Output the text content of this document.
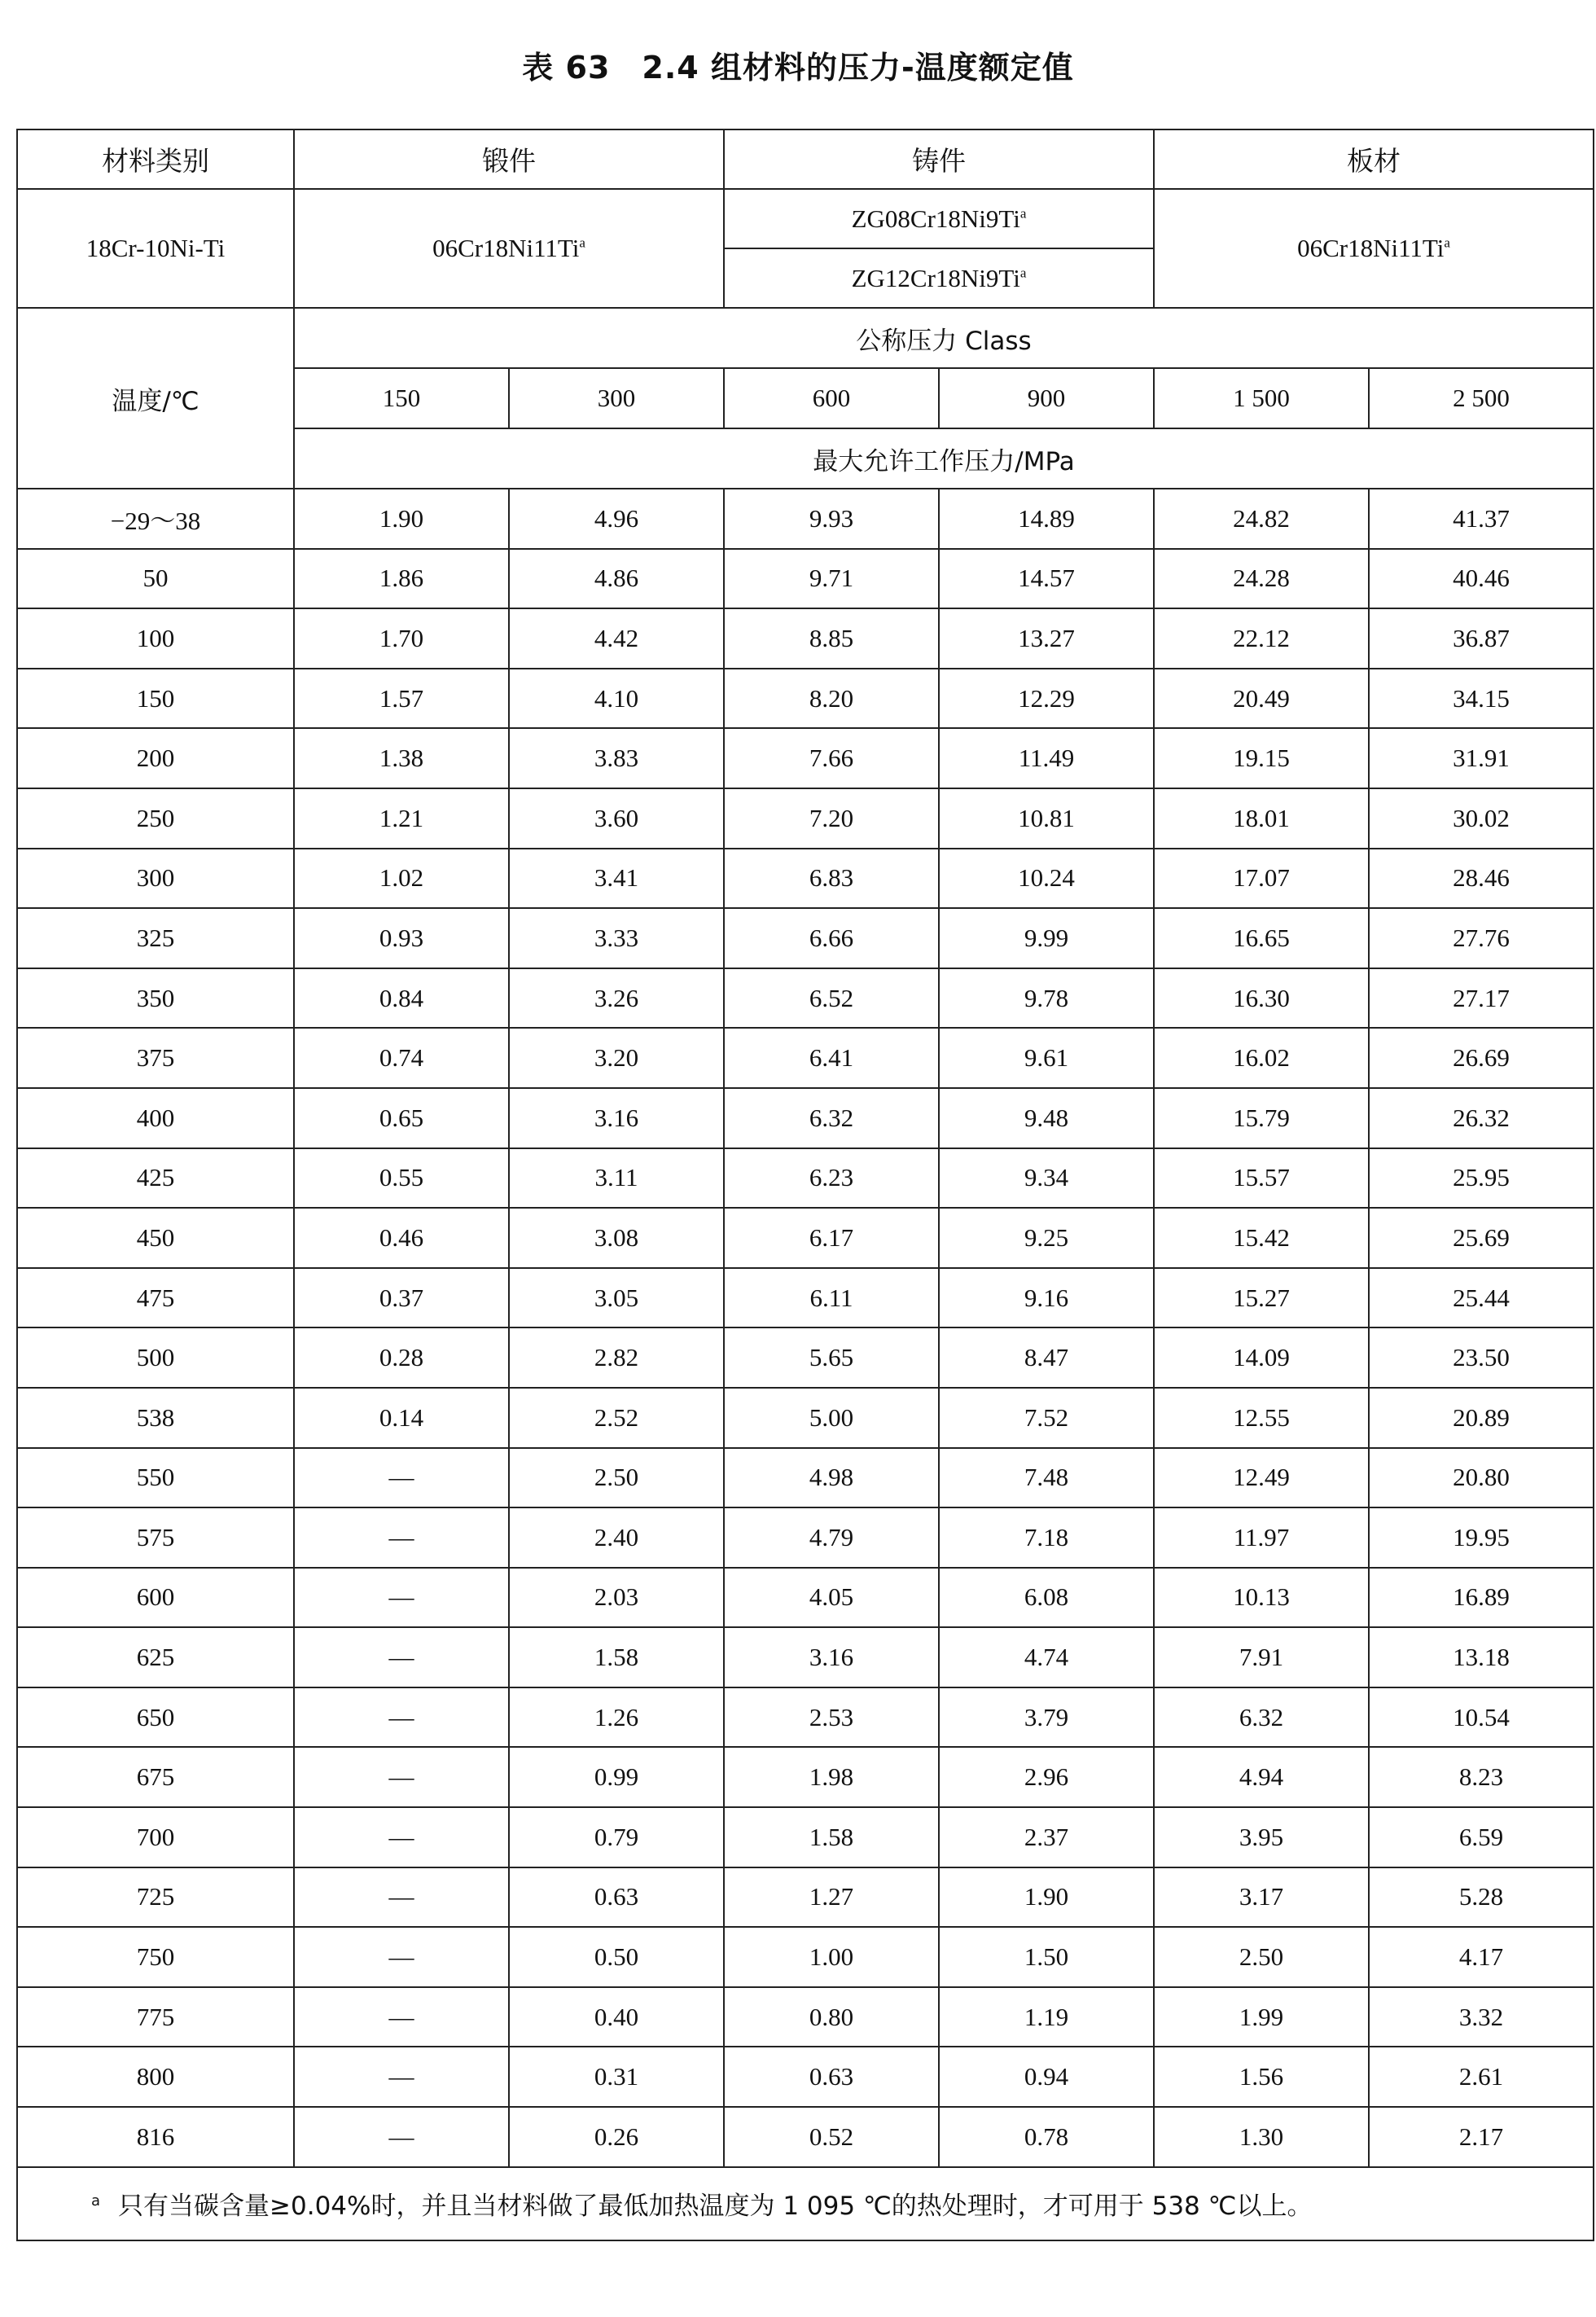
表 63　2.4 组材料的压力-温度额定值
材料类别	锻件		铸件		板材	
18Cr-10Ni-Ti	06Cr18Ni11Ti$^a$		ZG08Cr18Ni9Ti$^a$		06Cr18Ni11Ti$^a$
			ZG12Cr18Ni9Ti$^a$
温度/℃	公称压力 Class					
	150	300	600	900	1 500	2 500
	最大允许工作压力/MPa					
−29～38	1.90	4.96	9.93	14.89	24.82	41.37
50	1.86	4.86	9.71	14.57	24.28	40.46
100	1.70	4.42	8.85	13.27	22.12	36.87
150	1.57	4.10	8.20	12.29	20.49	34.15
200	1.38	3.83	7.66	11.49	19.15	31.91
250	1.21	3.60	7.20	10.81	18.01	30.02
300	1.02	3.41	6.83	10.24	17.07	28.46
325	0.93	3.33	6.66	9.99	16.65	27.76
350	0.84	3.26	6.52	9.78	16.30	27.17
375	0.74	3.20	6.41	9.61	16.02	26.69
400	0.65	3.16	6.32	9.48	15.79	26.32
425	0.55	3.11	6.23	9.34	15.57	25.95
450	0.46	3.08	6.17	9.25	15.42	25.69
475	0.37	3.05	6.11	9.16	15.27	25.44
500	0.28	2.82	5.65	8.47	14.09	23.50
538	0.14	2.52	5.00	7.52	12.55	20.89
550	—	2.50	4.98	7.48	12.49	20.80
575	—	2.40	4.79	7.18	11.97	19.95
600	—	2.03	4.05	6.08	10.13	16.89
625	—	1.58	3.16	4.74	7.91	13.18
650	—	1.26	2.53	3.79	6.32	10.54
675	—	0.99	1.98	2.96	4.94	8.23
700	—	0.79	1.58	2.37	3.95	6.59
725	—	0.63	1.27	1.90	3.17	5.28
750	—	0.50	1.00	1.50	2.50	4.17
775	—	0.40	0.80	1.19	1.99	3.32
800	—	0.31	0.63	0.94	1.56	2.61
816	—	0.26	0.52	0.78	1.30	2.17
$^a$ 只有当碳含量≥0.04%时，并且当材料做了最低加热温度为 1 095 ℃的热处理时，才可用于 538 ℃以上。						
